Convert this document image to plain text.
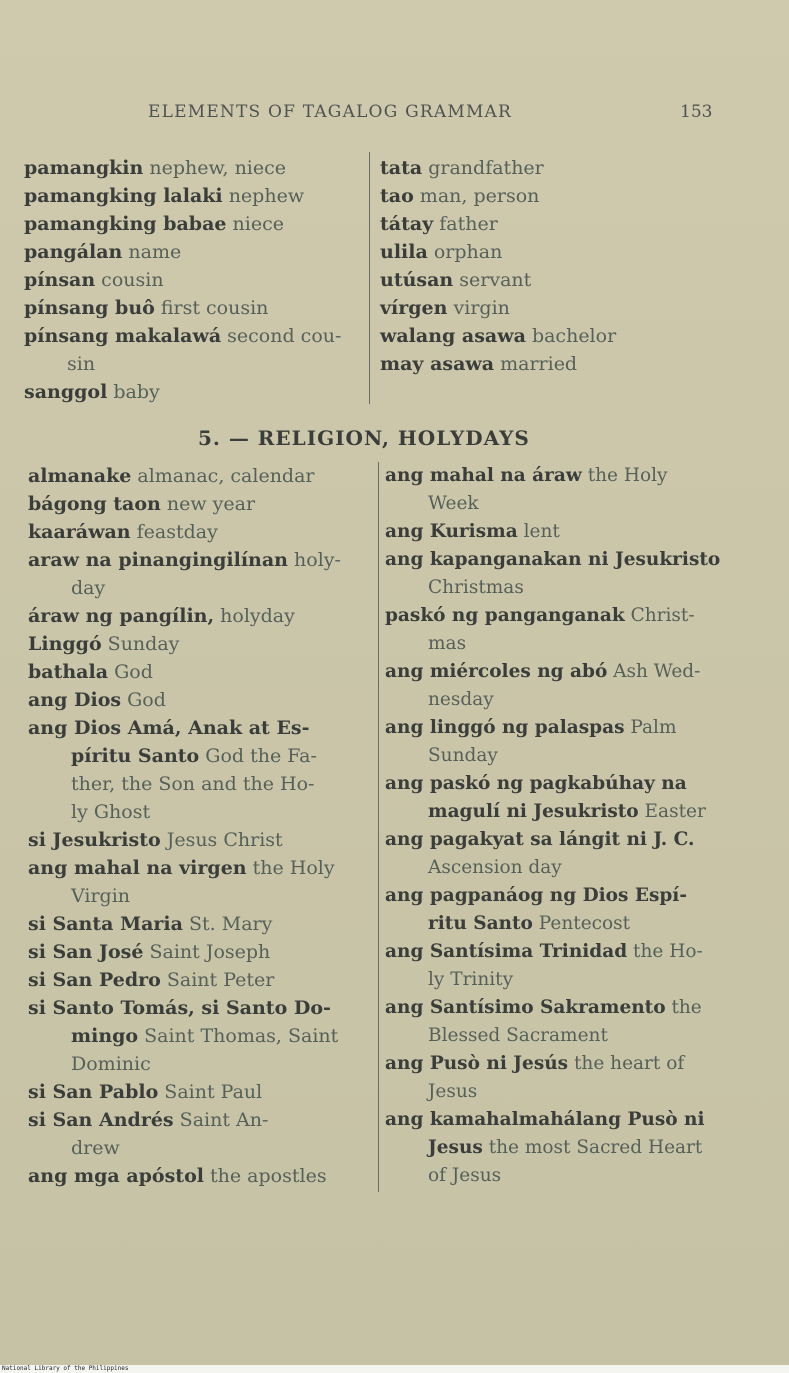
ELEMENTS OF TAGALOG GRAMMAR	153
pamangkin nephew, niece
pamangking lalaki nephew
pamangking babae niece
pangálan name
pínsan cousin
pínsang buô first cousin
pínsang makalawá second cou-
sin
sanggol baby
tata grandfather
tao man, person
tátay father
ulila orphan
utúsan servant
vírgen virgin
walang asawa bachelor
may asawa married
5. — RELIGION, HOLYDAYS
almanake almanac, calendar
bágong taon new year
kaaráwan feastday
araw na pinangingilínan holy-
day
áraw ng pangílin, holyday
Linggó Sunday
bathala God
ang Dios God
ang Dios Amá, Anak at Es-
píritu Santo God the Fa-
ther, the Son and the Ho-
ly Ghost
si Jesukristo Jesus Christ
ang mahal na virgen the Holy
Virgin
si Santa Maria St. Mary
si San José Saint Joseph
si San Pedro Saint Peter
si Santo Tomás, si Santo Do-
mingo Saint Thomas, Saint
Dominic
si San Pablo Saint Paul
si San Andrés Saint An-
drew
ang mga apóstol the apostles
ang mahal na áraw the Holy
Week
ang Kurisma lent
ang kapanganakan ni Jesukristo
Christmas
paskó ng panganganak Christ-
mas
ang miércoles ng abó Ash Wed-
nesday
ang linggó ng palaspas Palm
Sunday
ang paskó ng pagkabúhay na
magulí ni Jesukristo Easter
ang pagakyat sa lángit ni J. C.
Ascension day
ang pagpanáog ng Dios Espí-
ritu Santo Pentecost
ang Santísima Trinidad the Ho-
ly Trinity
ang Santísimo Sakramento the
Blessed Sacrament
ang Pusò ni Jesús the heart of
Jesus
ang kamahalmahálang Pusò ni
Jesus the most Sacred Heart
of Jesus
National Library of the Philippines
